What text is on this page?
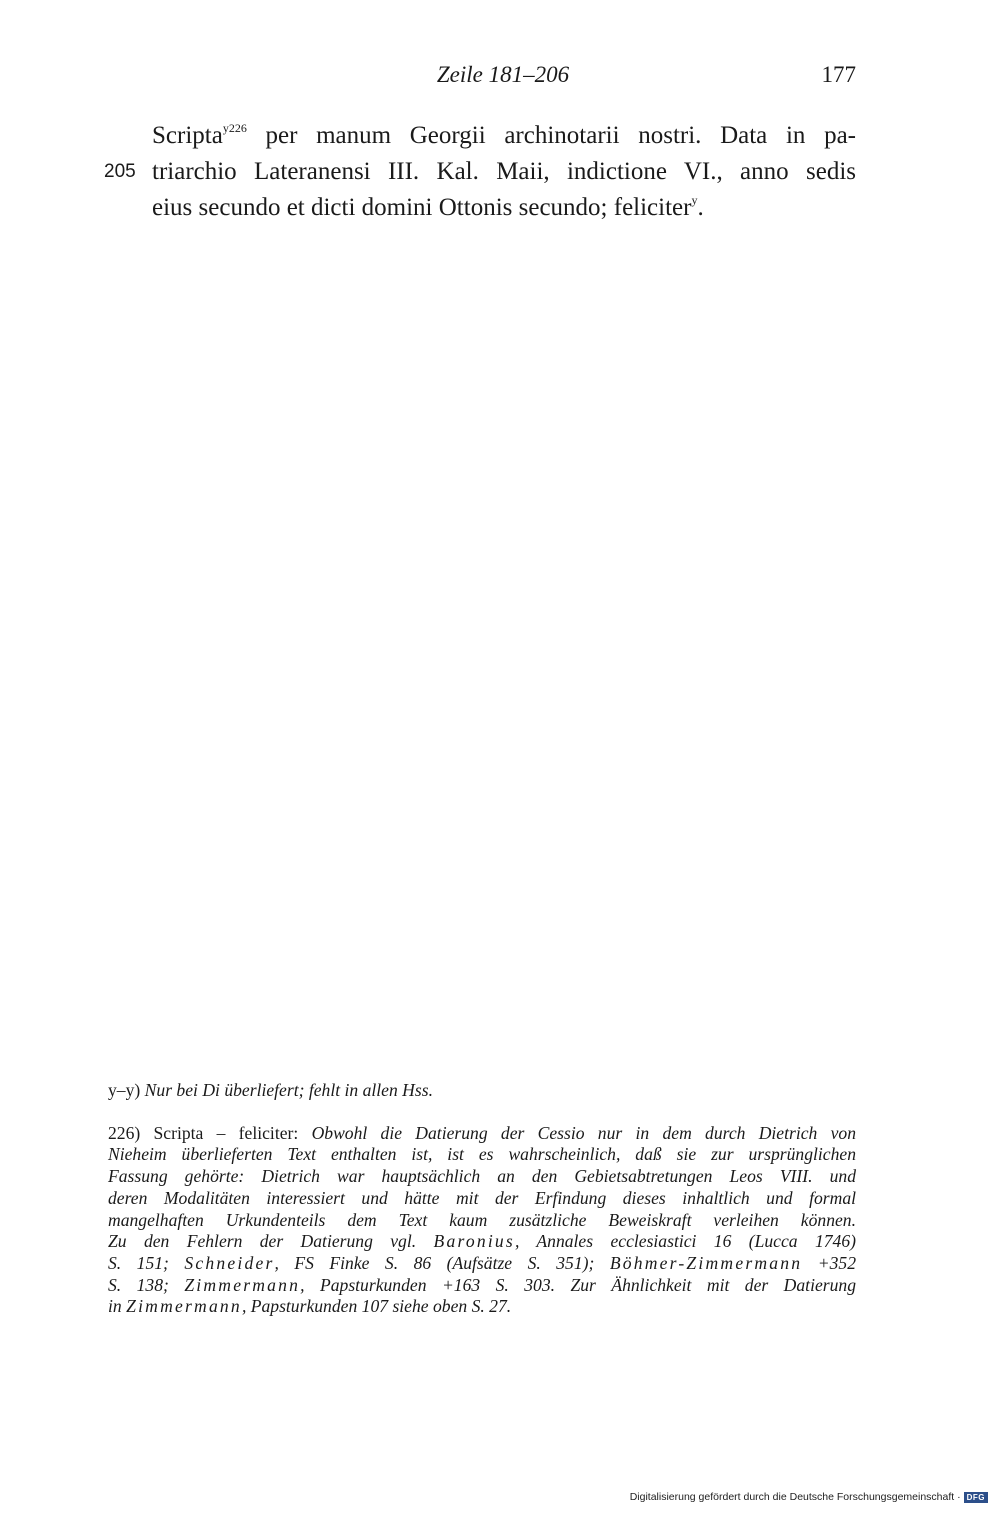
Zeile 181–206	177
Scripta$^{y226}$ per manum Georgii archinotarii nostri. Data in pa-
205 triarchio Lateranensi III. Kal. Maii, indictione VI., anno sedis
eius secundo et dicti domini Ottonis secundo; feliciter$^y$.
y–y) Nur bei Di überliefert; fehlt in allen Hss.
226) Scripta – feliciter: Obwohl die Datierung der Cessio nur in dem durch Dietrich von
Nieheim überlieferten Text enthalten ist, ist es wahrscheinlich, daß sie zur ursprünglichen
Fassung gehörte: Dietrich war hauptsächlich an den Gebietsabtretungen Leos VIII. und
deren Modalitäten interessiert und hätte mit der Erfindung dieses inhaltlich und formal
mangelhaften Urkundenteils dem Text kaum zusätzliche Beweiskraft verleihen können.
Zu den Fehlern der Datierung vgl. Baronius, Annales ecclesiastici 16 (Lucca 1746)
S. 151; Schneider, FS Finke S. 86 (Aufsätze S. 351); Böhmer-Zimmermann +352
S. 138; Zimmermann, Papsturkunden +163 S. 303. Zur Ähnlichkeit mit der Datierung
in Zimmermann, Papsturkunden 107 siehe oben S. 27.
Digitalisierung gefördert durch die Deutsche Forschungsgemeinschaft · DFG
